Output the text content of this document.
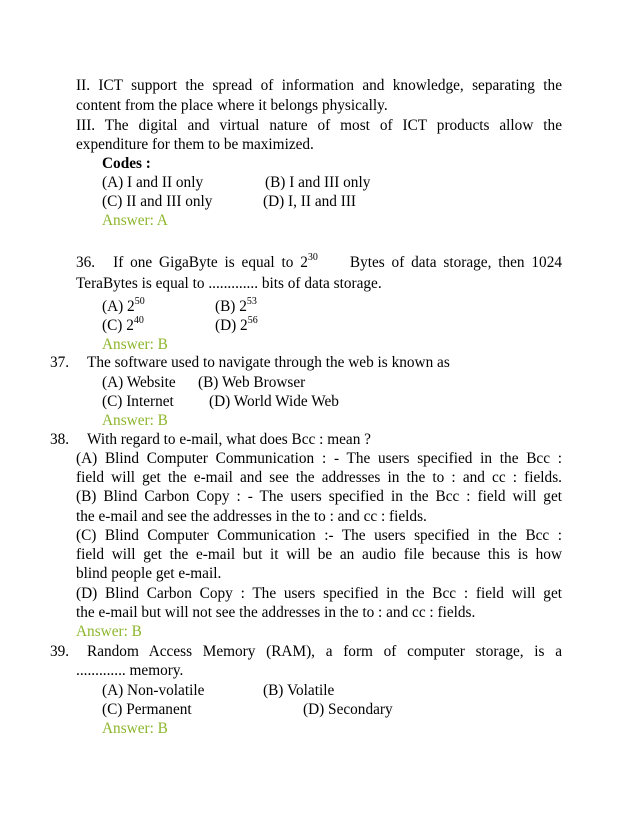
II. ICT support the spread of information and knowledge, separating the
content from the place where it belongs physically.
III. The digital and virtual nature of most of ICT products allow the
expenditure for them to be maximized.
Codes :
(A) I and II only	(B) I and III only
(C) II and III only	(D) I, II and III
Answer: A
36. If one GigaByte is equal to $2^{30}$ Bytes of data storage, then 1024
TeraBytes is equal to ............. bits of data storage.
(A) $2^{50}$	(B) $2^{53}$
(C) $2^{40}$	(D) $2^{56}$
Answer: B
37. The software used to navigate through the web is known as
(A) Website (B) Web Browser
(C) Internet (D) World Wide Web
Answer: B
38. With regard to e-mail, what does Bcc : mean ?
(A) Blind Computer Communication : - The users specified in the Bcc :
field will get the e-mail and see the addresses in the to : and cc : fields.
(B) Blind Carbon Copy : - The users specified in the Bcc : field will get
the e-mail and see the addresses in the to : and cc : fields.
(C) Blind Computer Communication :- The users specified in the Bcc :
field will get the e-mail but it will be an audio file because this is how
blind people get e-mail.
(D) Blind Carbon Copy : The users specified in the Bcc : field will get
the e-mail but will not see the addresses in the to : and cc : fields.
Answer: B
39. Random Access Memory (RAM), a form of computer storage, is a
............. memory.
(A) Non-volatile	(B) Volatile
(C) Permanent	(D) Secondary
Answer: B
